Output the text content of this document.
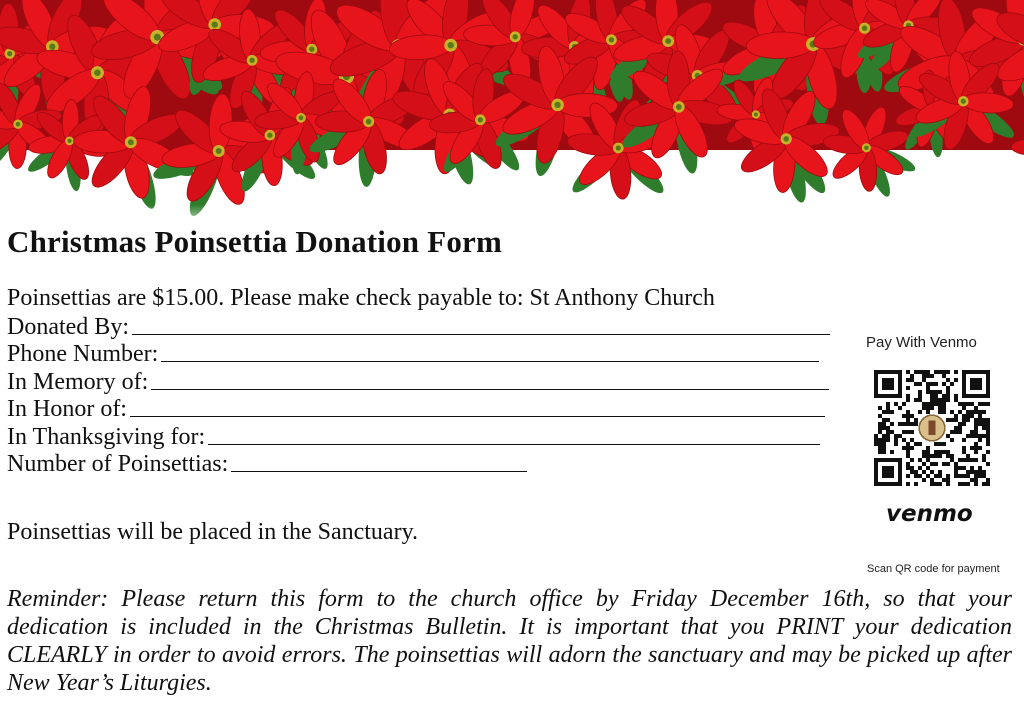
Christmas Poinsettia Donation Form
Poinsettias are $15.00. Please make check payable to: St Anthony Church
Donated By:
Phone Number:
In Memory of:
In Honor of:
In Thanksgiving for:
Number of Poinsettias:
Poinsettias will be placed in the Sanctuary.
Reminder: Please return this form to the church office by Friday December 16th, so that your dedication is included in the Christmas Bulletin. It is important that you PRINT your dedication CLEARLY in order to avoid errors. The poinsettias will adorn the sanctuary and may be picked up after New Year’s Liturgies.
Pay With Venmo
venmo
Scan QR code for payment
